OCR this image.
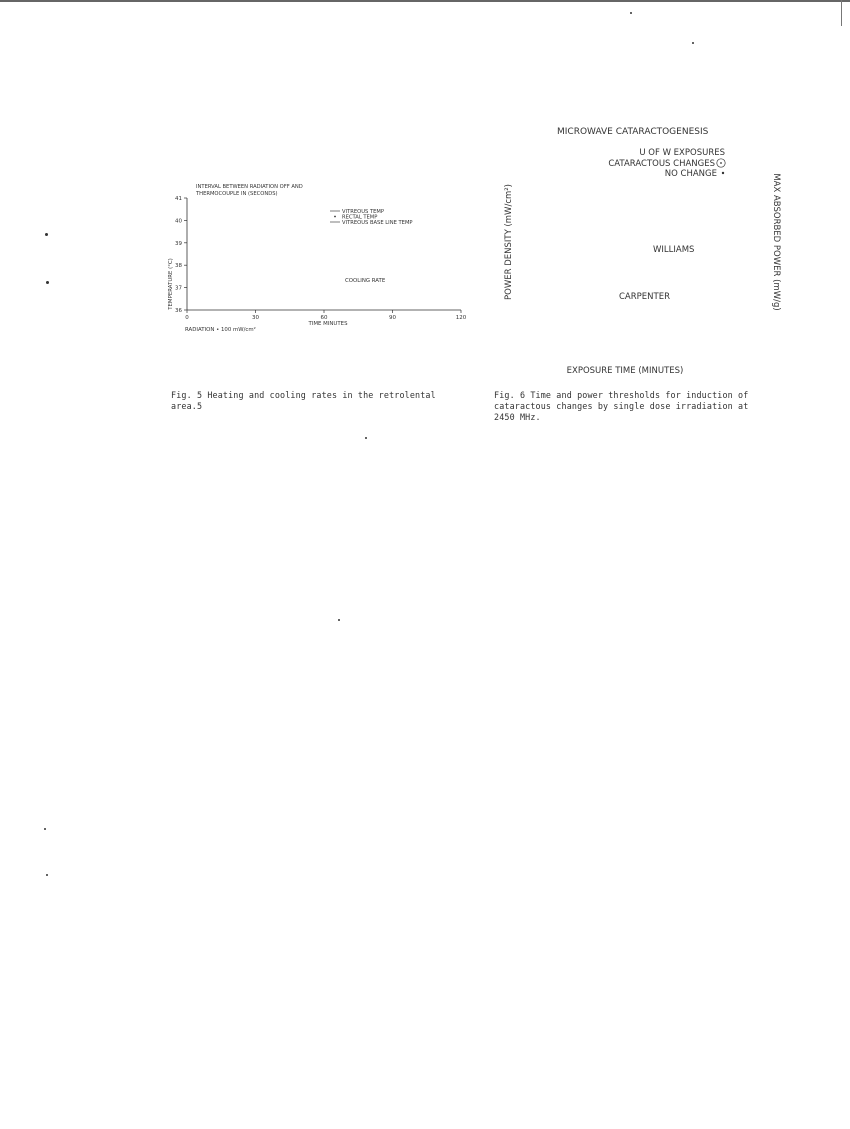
INTERVAL BETWEEN RADIATION OFF AND
THERMOCOUPLE IN (SECONDS)
VITREOUS TEMP
RECTAL TEMP
VITREOUS BASE LINE TEMP
36
37
38
39
40
41
0	30	60	90	120
COOLING RATE
TEMPERATURE (°C)
TIME MINUTES
RADIATION • 100 mW/cm²
Fig. 5 Heating and cooling rates in the retrolental
area.5
MICROWAVE CATARACTOGENESIS
U OF W EXPOSURES
CATARACTOUS CHANGES
NO CHANGE
WILLIAMS
CARPENTER
POWER DENSITY (mW/cm²)	MAX ABSORBED POWER (mW/g)
EXPOSURE TIME (MINUTES)
Fig. 6 Time and power thresholds for induction of
cataractous changes by single dose irradiation at
2450 MHz.
